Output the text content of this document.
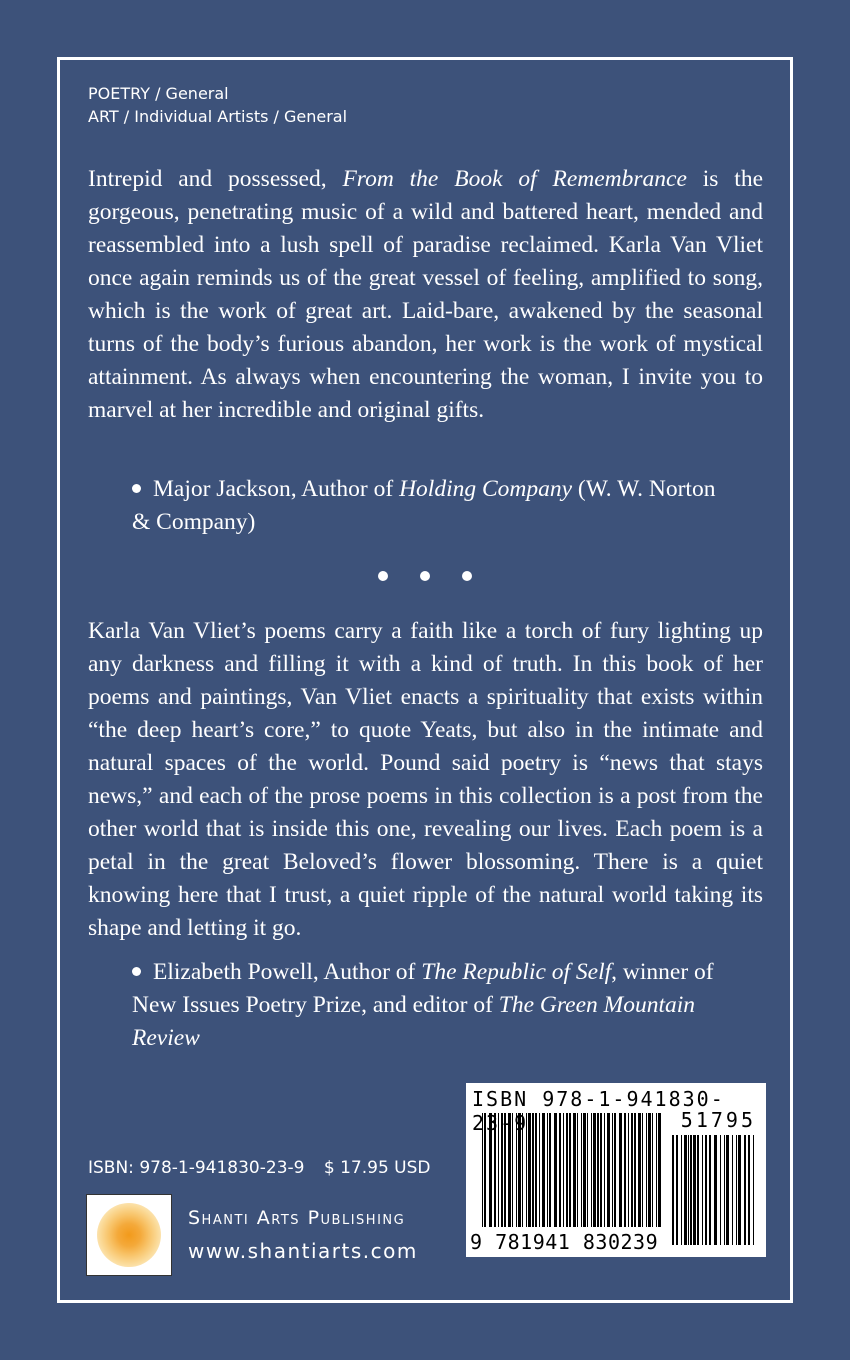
POETRY / General
ART / Individual Artists / General

Intrepid and possessed, From the Book of Remembrance is the gorgeous, penetrating music of a wild and battered heart, mended and reassembled into a lush spell of paradise reclaimed. Karla Van Vliet once again reminds us of the great vessel of feeling, amplified to song, which is the work of great art. Laid-bare, awakened by the seasonal turns of the body’s furious abandon, her work is the work of mystical attainment. As always when encountering the woman, I invite you to marvel at her incredible and original gifts.

Major Jackson, Author of Holding Company (W. W. Norton & Company)

Karla Van Vliet’s poems carry a faith like a torch of fury lighting up any darkness and filling it with a kind of truth. In this book of her poems and paintings, Van Vliet enacts a spirituality that exists within “the deep heart’s core,” to quote Yeats, but also in the intimate and natural spaces of the world. Pound said poetry is “news that stays news,” and each of the prose poems in this collection is a post from the other world that is inside this one, revealing our lives. Each poem is a petal in the great Beloved’s flower blossoming. There is a quiet knowing here that I trust, a quiet ripple of the natural world taking its shape and letting it go.

Elizabeth Powell, Author of The Republic of Self, winner of New Issues Poetry Prize, and editor of The Green Mountain Review

ISBN: 978-1-941830-23-9 $ 17.95 USD
Shanti Arts Publishing
www.shantiarts.com
ISBN 978-1-941830-23-9	51795
9 781941 830239
